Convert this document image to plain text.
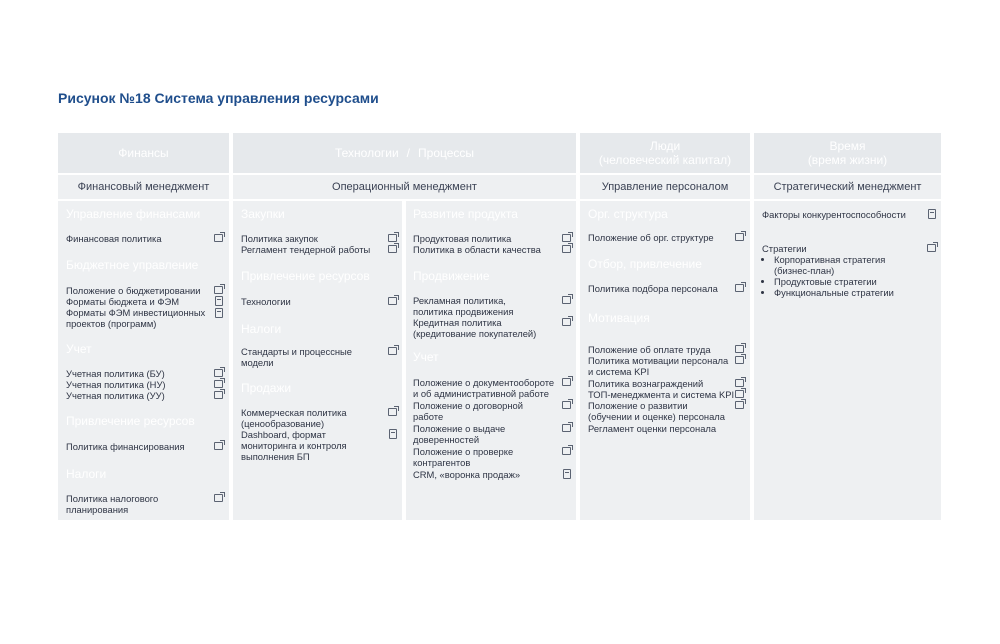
Рисунок №18 Система управления ресурсами
Финансы
Финансовый менеджмент
Управление финансами
Финансовая политика
Бюджетное управление
Положение о бюджетировании
Форматы бюджета и ФЭМ
Форматы ФЭМ инвестиционных проектов (программ)
Учет
Учетная политика (БУ)
Учетная политика (НУ)
Учетная политика (УУ)
Привлечение ресурсов
Политика финансирования
Налоги
Политика налогового планирования
Технологии / Процессы
Операционный менеджмент
Закупки
Политика закупок
Регламент тендерной работы
Привлечение ресурсов
Технологии
Налоги
Стандарты и процессные модели
Продажи
Коммерческая политика (ценообразование)
Dashboard, формат мониторинга и контроля выполнения БП
Развитие продукта
Продуктовая политика
Политика в области качества
Продвижение
Рекламная политика, политика продвижения
Кредитная политика (кредитование покупателей)
Учет
Положение о документообороте и об административной работе
Положение о договорной работе
Положение о выдаче доверенностей
Положение о проверке контрагентов
CRM, «воронка продаж»
Люди
(человеческий капитал)
Управление персоналом
Орг. структура
Положение об орг. структуре
Отбор, привлечение
Политика подбора персонала
Мотивация
Положение об оплате труда
Политика мотивации персонала и система KPI
Политика вознаграждений
ТОП-менеджмента и система KPI
Положение о развитии (обучении и оценке) персонала
Регламент оценки персонала
Время
(время жизни)
Стратегический менеджмент
Факторы конкурентоспособности
Стратегии
• Корпоративная стратегия
(бизнес-план)
• Продуктовые стратегии
• Функциональные стратегии
